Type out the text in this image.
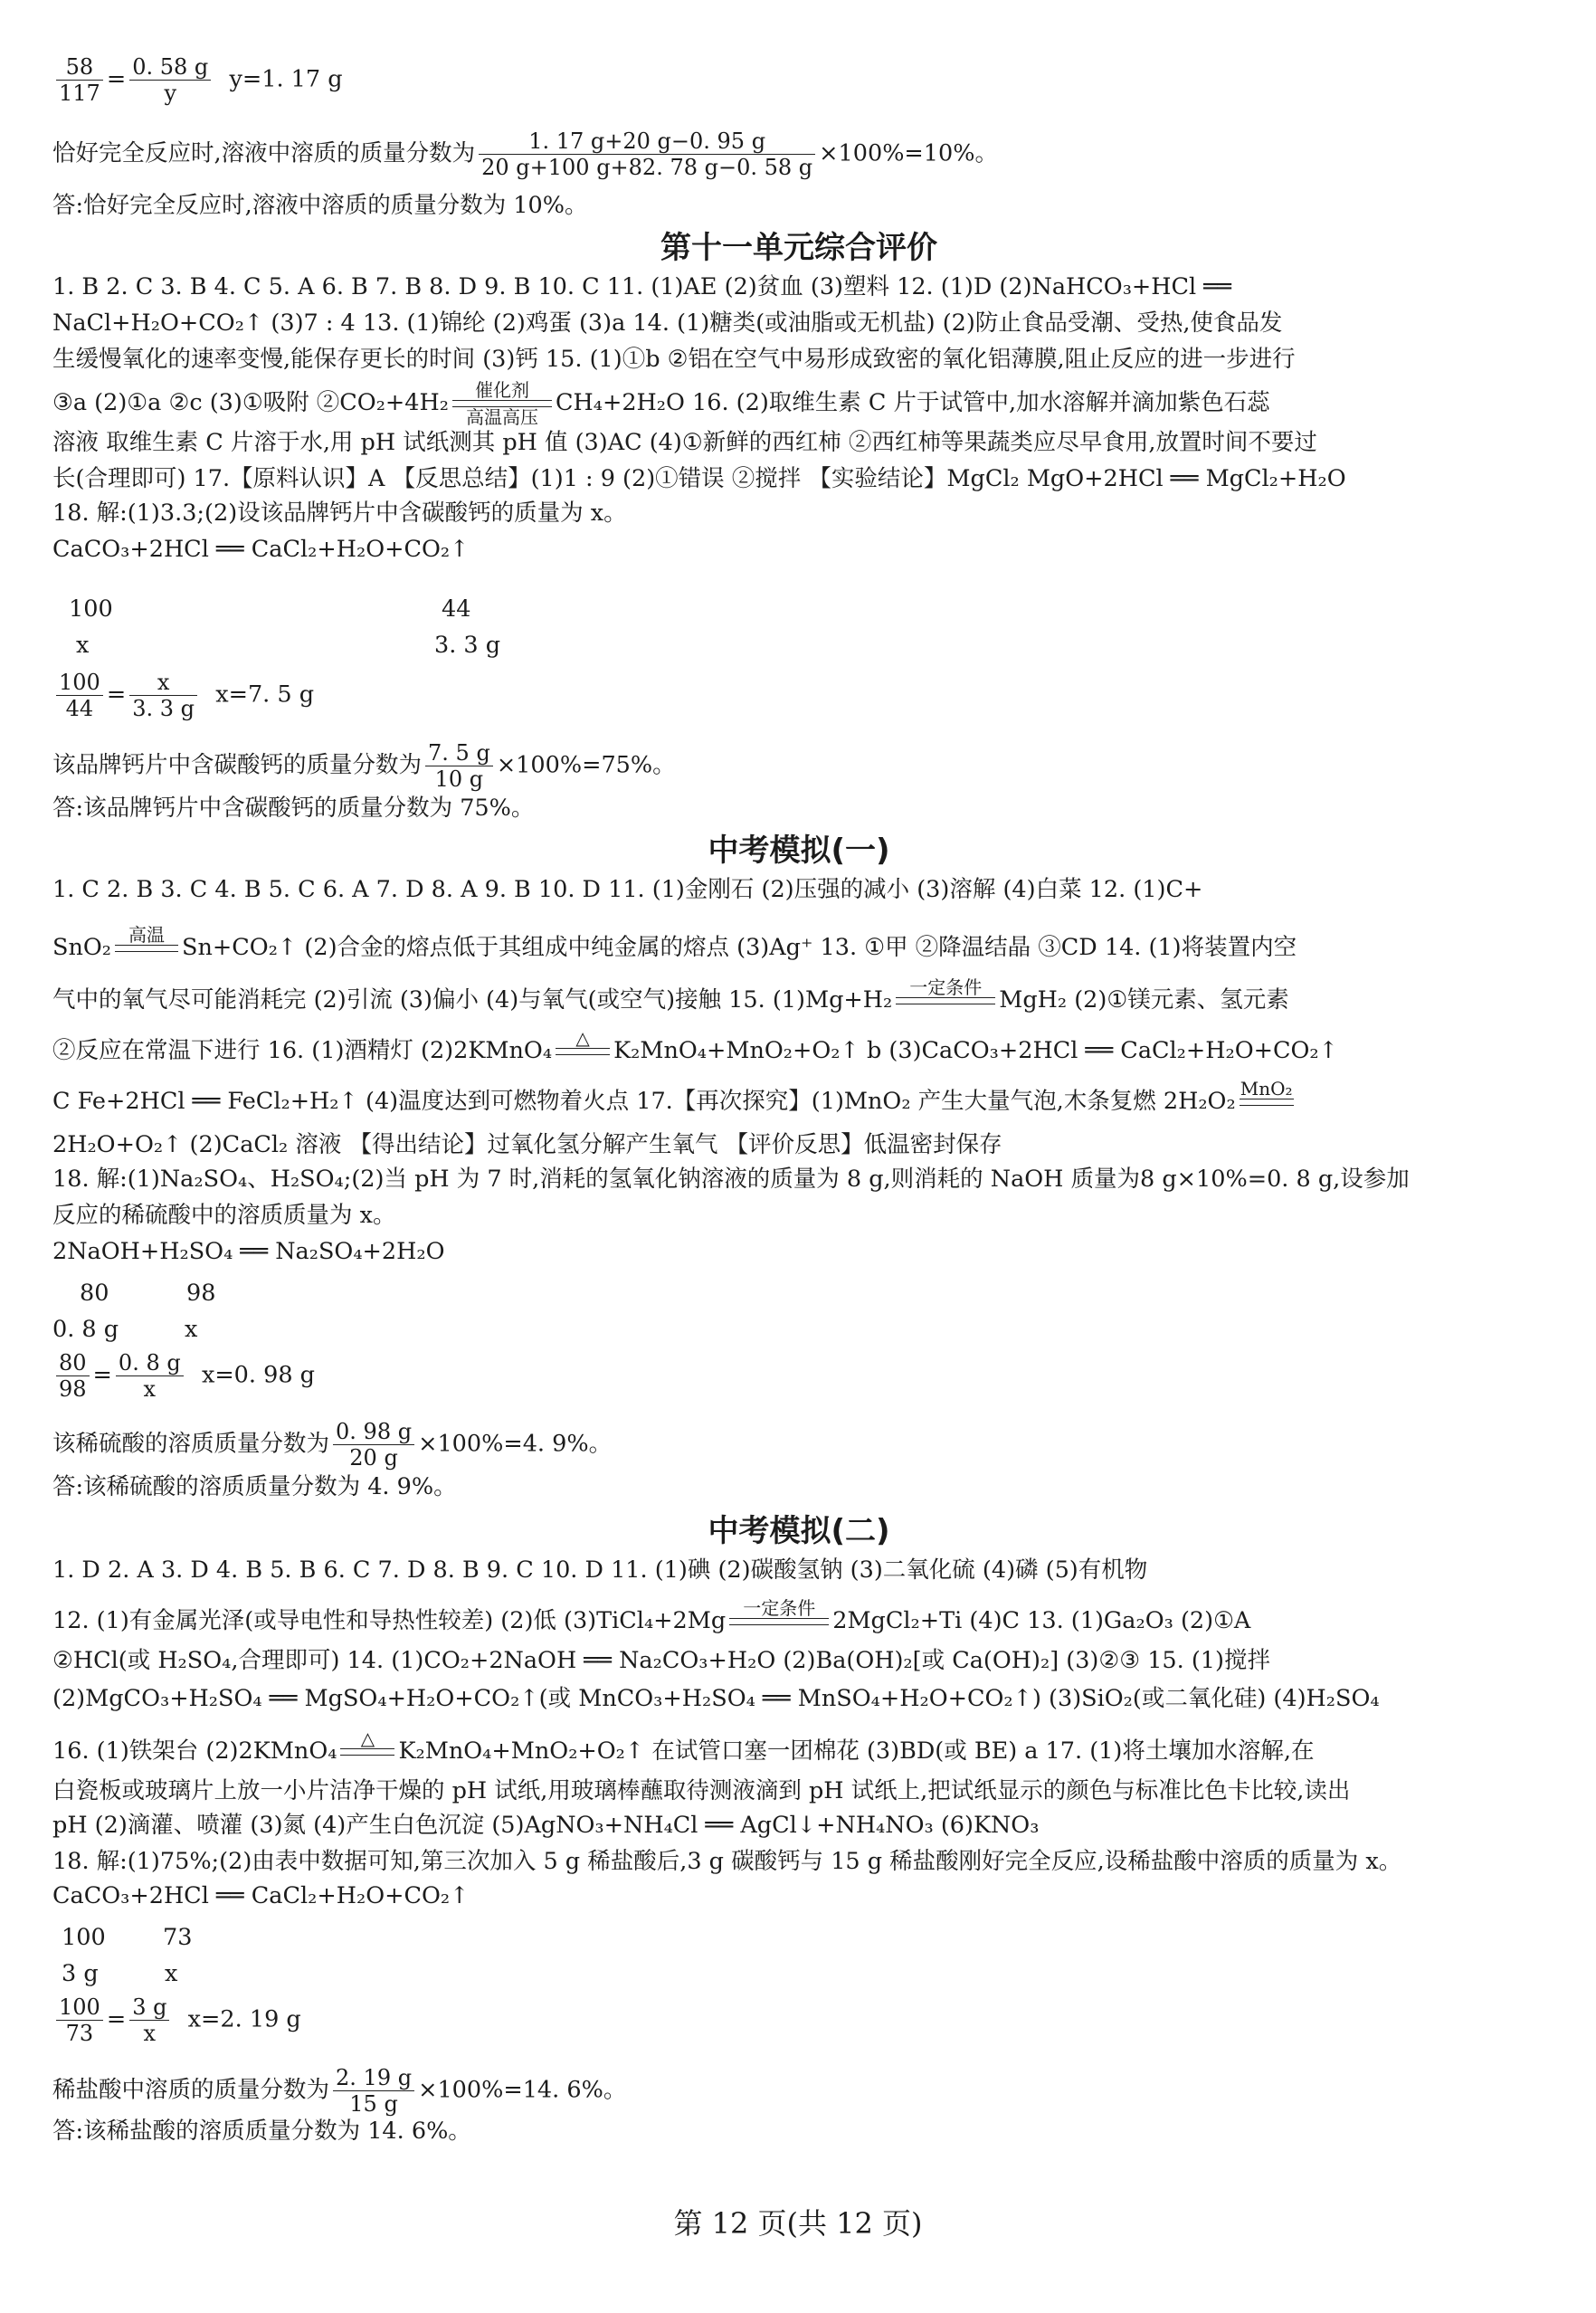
$\frac{58}{117} = \frac{0. 58 g}{y} y=1$. 17 g
恰好完全反应时,溶液中溶质的质量分数为 $\frac{1. 17 g+20 g-0. 95 g}{20 g+100 g+82. 78 g-0. 58 g} \times 100\%=10\%$。
答:恰好完全反应时,溶液中溶质的质量分数为 10%。
第十一单元综合评价
1. B 2. C 3. B 4. C 5. A 6. B 7. B 8. D 9. B 10. C 11. (1)AE (2)贫血 (3)塑料 12. (1)D (2)NaHCO₃+HCl ══
NaCl+H₂O+CO₂↑ (3)7 : 4 13. (1)锦纶 (2)鸡蛋 (3)a 14. (1)糖类(或油脂或无机盐) (2)防止食品受潮、受热,使食品发
生缓慢氧化的速率变慢,能保存更长的时间 (3)钙 15. (1)①b ②铝在空气中易形成致密的氧化铝薄膜,阻止反应的进一步进行
③a (2)①a ②c (3)①吸附 ②CO₂+4H₂	催化剂
高温高压
CH₄+2H₂O 16. (2)取维生素 C 片于试管中,加水溶解并滴加紫色石蕊
溶液 取维生素 C 片溶于水,用 pH 试纸测其 pH 值 (3)AC (4)①新鲜的西红柿 ②西红柿等果蔬类应尽早食用,放置时间不要过
长(合理即可) 17.【原料认识】A 【反思总结】(1)1 : 9 (2)①错误 ②搅拌 【实验结论】MgCl₂ MgO+2HCl ══ MgCl₂+H₂O
18. 解:(1)3.3;(2)设该品牌钙片中含碳酸钙的质量为 x。
CaCO₃+2HCl ══ CaCl₂+H₂O+CO₂↑
100	44
x	3. 3 g
$\frac{100}{44} = \frac{x}{3. 3 g} x=7$. 5 g
该品牌钙片中含碳酸钙的质量分数为 $\frac{7. 5 g}{10 g} \times 100\%=75\%$。
答:该品牌钙片中含碳酸钙的质量分数为 75%。
中考模拟(一)
1. C 2. B 3. C 4. B 5. C 6. A 7. D 8. A 9. B 10. D 11. (1)金刚石 (2)压强的减小 (3)溶解 (4)白菜 12. (1)C+
SnO₂ 高温
Sn+CO₂↑ (2)合金的熔点低于其组成中纯金属的熔点 (3)Ag⁺ 13. ①甲 ②降温结晶 ③CD 14. (1)将装置内空
气中的氧气尽可能消耗完 (2)引流 (3)偏小 (4)与氧气(或空气)接触 15. (1)Mg+H₂ 一定条件
MgH₂ (2)①镁元素、氢元素
②反应在常温下进行 16. (1)酒精灯 (2)2KMnO₄	△
	K₂MnO₄+MnO₂+O₂↑ b (3)CaCO₃+2HCl ══ CaCl₂+H₂O+CO₂↑
C Fe+2HCl ══ FeCl₂+H₂↑ (4)温度达到可燃物着火点 17.【再次探究】(1)MnO₂ 产生大量气泡,木条复燃 2H₂O₂ MnO₂

2H₂O+O₂↑ (2)CaCl₂ 溶液 【得出结论】过氧化氢分解产生氧气 【评价反思】低温密封保存
18. 解:(1)Na₂SO₄、H₂SO₄;(2)当 pH 为 7 时,消耗的氢氧化钠溶液的质量为 8 g,则消耗的 NaOH 质量为8 g×10%=0. 8 g,设参加
反应的稀硫酸中的溶质质量为 x。
2NaOH+H₂SO₄ ══ Na₂SO₄+2H₂O
80	98
0. 8 g	x
$\frac{80}{98} = \frac{0. 8 g}{x} x=0$. 98 g
该稀硫酸的溶质质量分数为 $\frac{0. 98 g}{20 g} \times 100\%=4$. 9%。
答:该稀硫酸的溶质质量分数为 4. 9%。
中考模拟(二)
1. D 2. A 3. D 4. B 5. B 6. C 7. D 8. B 9. C 10. D 11. (1)碘 (2)碳酸氢钠 (3)二氧化硫 (4)磷 (5)有机物
12. (1)有金属光泽(或导电性和导热性较差) (2)低 (3)TiCl₄+2Mg 一定条件
2MgCl₂+Ti (4)C 13. (1)Ga₂O₃ (2)①A
②HCl(或 H₂SO₄,合理即可) 14. (1)CO₂+2NaOH ══ Na₂CO₃+H₂O (2)Ba(OH)₂[或 Ca(OH)₂] (3)②③ 15. (1)搅拌
(2)MgCO₃+H₂SO₄ ══ MgSO₄+H₂O+CO₂↑(或 MnCO₃+H₂SO₄ ══ MnSO₄+H₂O+CO₂↑) (3)SiO₂(或二氧化硅) (4)H₂SO₄
16. (1)铁架台 (2)2KMnO₄	△
	K₂MnO₄+MnO₂+O₂↑ 在试管口塞一团棉花 (3)BD(或 BE) a 17. (1)将土壤加水溶解,在
白瓷板或玻璃片上放一小片洁净干燥的 pH 试纸,用玻璃棒蘸取待测液滴到 pH 试纸上,把试纸显示的颜色与标准比色卡比较,读出
pH (2)滴灌、喷灌 (3)氮 (4)产生白色沉淀 (5)AgNO₃+NH₄Cl ══ AgCl↓+NH₄NO₃ (6)KNO₃
18. 解:(1)75%;(2)由表中数据可知,第三次加入 5 g 稀盐酸后,3 g 碳酸钙与 15 g 稀盐酸刚好完全反应,设稀盐酸中溶质的质量为 x。
CaCO₃+2HCl ══ CaCl₂+H₂O+CO₂↑
100 73
3 g	x
$\frac{100}{73} = \frac{3 g}{x} x=2$. 19 g
稀盐酸中溶质的质量分数为 $\frac{2. 19 g}{15 g} \times 100\%=14$. 6%。
答:该稀盐酸的溶质质量分数为 14. 6%。
第 12 页(共 12 页)
